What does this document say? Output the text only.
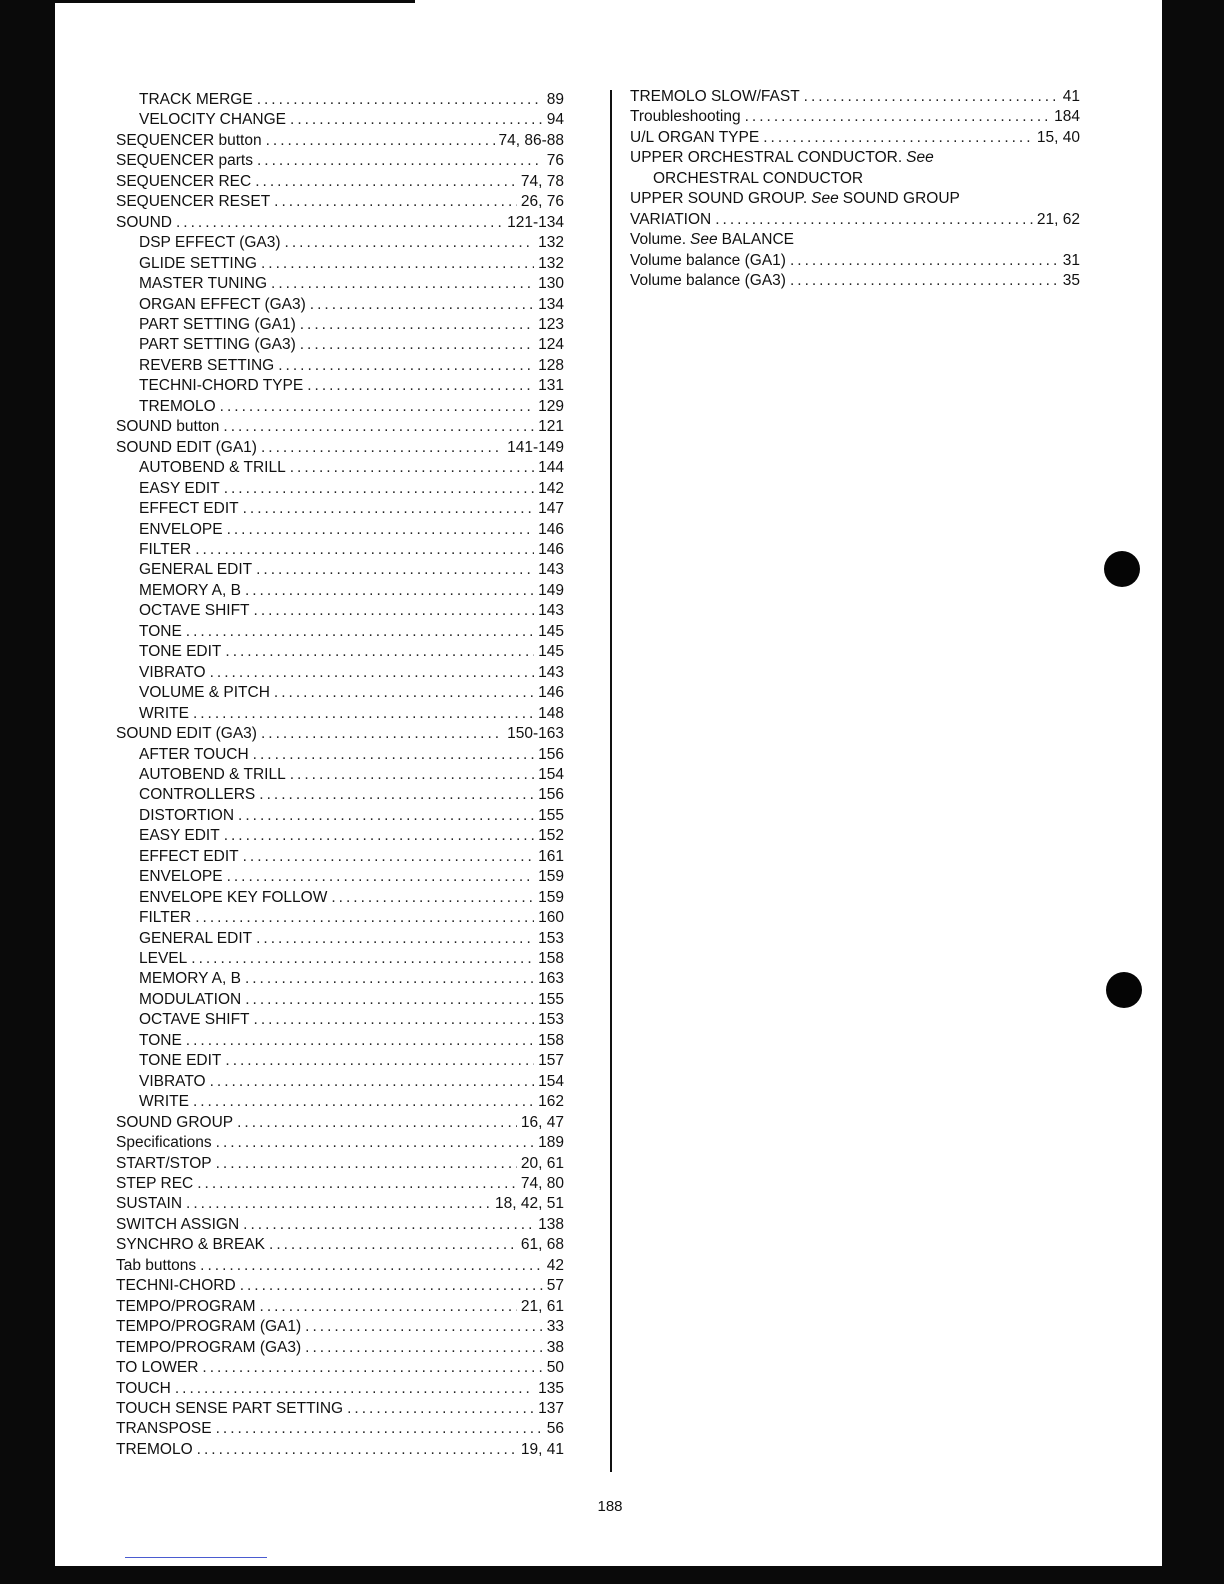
TRACK MERGE .....	89
VELOCITY CHANGE .....	94
SEQUENCER button .....	74, 86-88
SEQUENCER parts .....	76
SEQUENCER REC .....	74, 78
SEQUENCER RESET .....	26, 76
SOUND .....	121-134
DSP EFFECT (GA3) .....	132
GLIDE SETTING .....	132
MASTER TUNING .....	130
ORGAN EFFECT (GA3) .....	134
PART SETTING (GA1) .....	123
PART SETTING (GA3) .....	124
REVERB SETTING .....	128
TECHNI-CHORD TYPE .....	131
TREMOLO .....	129
SOUND button .....	121
SOUND EDIT (GA1) .....	141-149
AUTOBEND & TRILL .....	144
EASY EDIT .....	142
EFFECT EDIT .....	147
ENVELOPE .....	146
FILTER .....	146
GENERAL EDIT .....	143
MEMORY A, B .....	149
OCTAVE SHIFT .....	143
TONE .....	145
TONE EDIT .....	145
VIBRATO .....	143
VOLUME & PITCH .....	146
WRITE .....	148
SOUND EDIT (GA3) .....	150-163
AFTER TOUCH .....	156
AUTOBEND & TRILL .....	154
CONTROLLERS .....	156
DISTORTION .....	155
EASY EDIT .....	152
EFFECT EDIT .....	161
ENVELOPE .....	159
ENVELOPE KEY FOLLOW .....	159
FILTER .....	160
GENERAL EDIT .....	153
LEVEL .....	158
MEMORY A, B .....	163
MODULATION .....	155
OCTAVE SHIFT .....	153
TONE .....	158
TONE EDIT .....	157
VIBRATO .....	154
WRITE .....	162
SOUND GROUP .....	16, 47
Specifications .....	189
START/STOP .....	20, 61
STEP REC .....	74, 80
SUSTAIN .....	18, 42, 51
SWITCH ASSIGN .....	138
SYNCHRO & BREAK .....	61, 68
Tab buttons .....	42
TECHNI-CHORD .....	57
TEMPO/PROGRAM .....	21, 61
TEMPO/PROGRAM (GA1) .....	33
TEMPO/PROGRAM (GA3) .....	38
TO LOWER .....	50
TOUCH .....	135
TOUCH SENSE PART SETTING .....	137
TRANSPOSE .....	56
TREMOLO .....	19, 41
TREMOLO SLOW/FAST .....	41
Troubleshooting .....	184
U/L ORGAN TYPE .....	15, 40
UPPER ORCHESTRAL CONDUCTOR. See
ORCHESTRAL CONDUCTOR
UPPER SOUND GROUP. See SOUND GROUP
VARIATION .....	21, 62
Volume. See BALANCE
Volume balance (GA1) .....	31
Volume balance (GA3) .....	35
188
